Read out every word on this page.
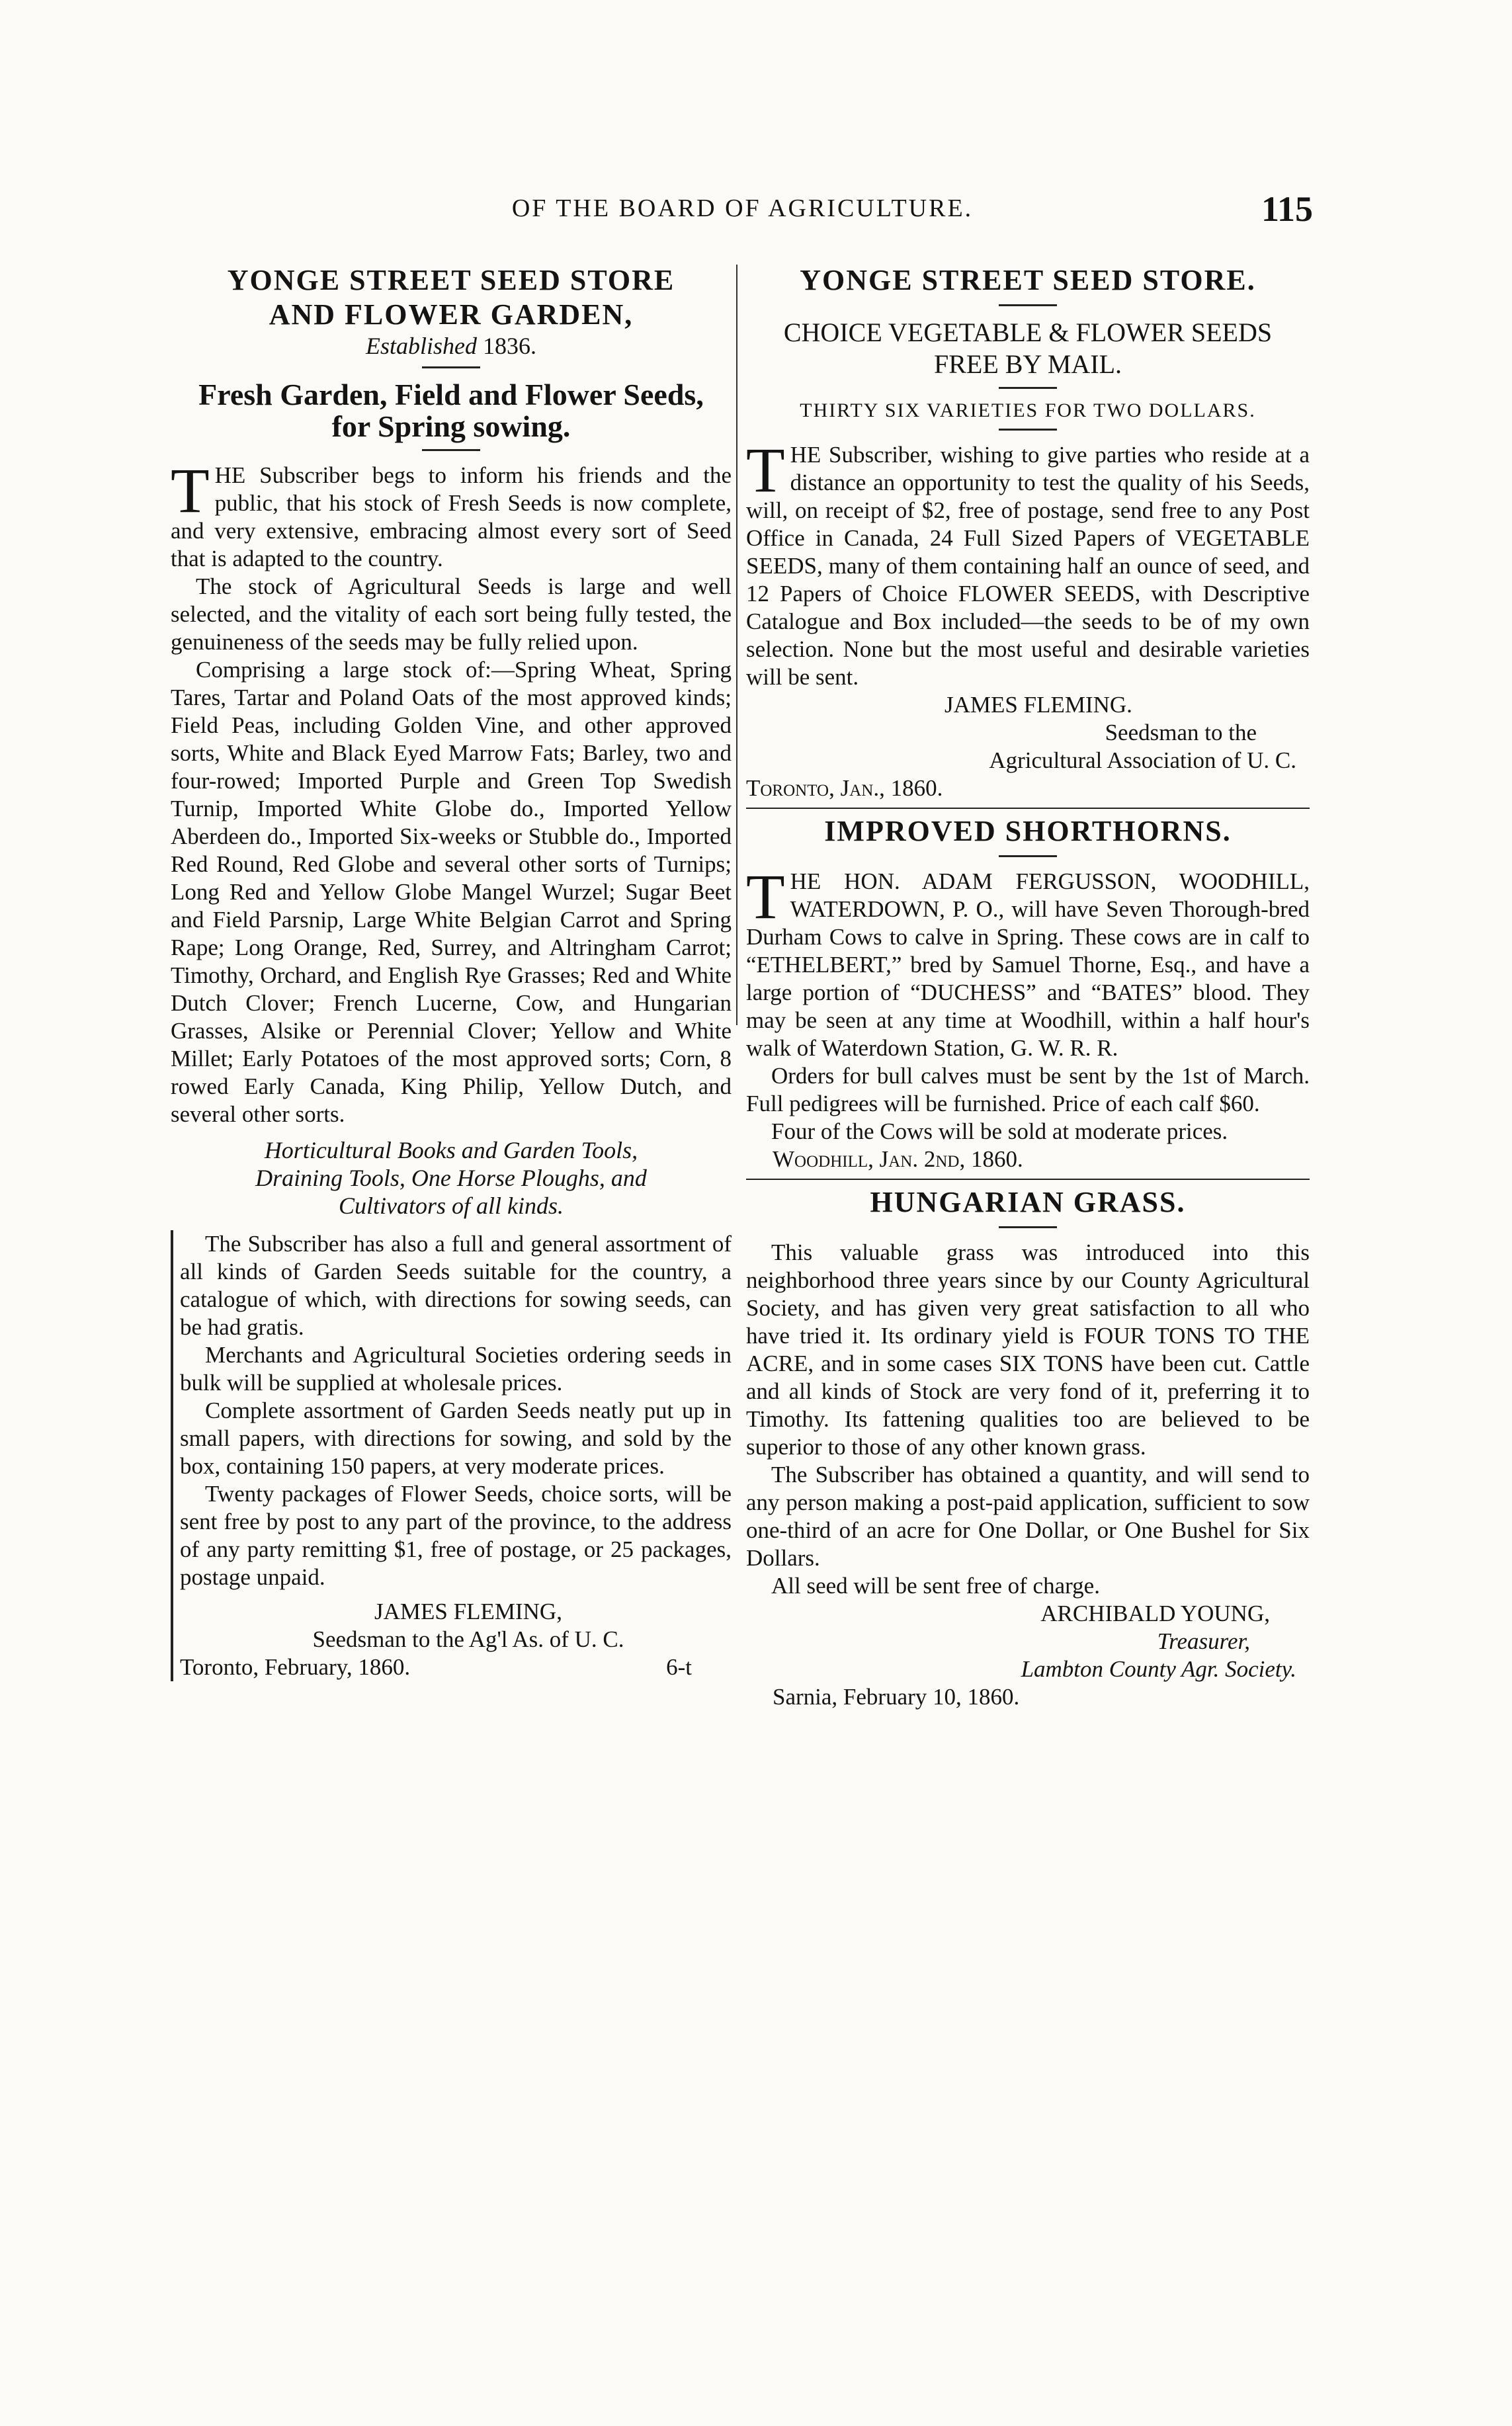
OF THE BOARD OF AGRICULTURE.	115

YONGE STREET SEED STORE

AND FLOWER GARDEN,

Established 1836.

Fresh Garden, Field and Flower Seeds,

for Spring sowing.

THE Subscriber begs to inform his friends and the public, that his stock of Fresh Seeds is now complete, and very extensive, embracing almost every sort of Seed that is adapted to the country.

The stock of Agricultural Seeds is large and well selected, and the vitality of each sort being fully tested, the genuineness of the seeds may be fully relied upon.

Comprising a large stock of:—Spring Wheat, Spring Tares, Tartar and Poland Oats of the most approved kinds; Field Peas, including Golden Vine, and other approved sorts, White and Black Eyed Marrow Fats; Barley, two and four-rowed; Imported Purple and Green Top Swedish Turnip, Imported White Globe do., Imported Yellow Aberdeen do., Imported Six-weeks or Stubble do., Imported Red Round, Red Globe and several other sorts of Turnips; Long Red and Yellow Globe Mangel Wurzel; Sugar Beet and Field Parsnip, Large White Belgian Carrot and Spring Rape; Long Orange, Red, Surrey, and Altringham Carrot; Timothy, Orchard, and English Rye Grasses; Red and White Dutch Clover; French Lucerne, Cow, and Hungarian Grasses, Alsike or Perennial Clover; Yellow and White Millet; Early Potatoes of the most approved sorts; Corn, 8 rowed Early Canada, King Philip, Yellow Dutch, and several other sorts.

Horticultural Books and Garden Tools,
Draining Tools, One Horse Ploughs, and
Cultivators of all kinds.

The Subscriber has also a full and general assortment of all kinds of Garden Seeds suitable for the country, a catalogue of which, with directions for sowing seeds, can be had gratis.

Merchants and Agricultural Societies ordering seeds in bulk will be supplied at wholesale prices.

Complete assortment of Garden Seeds neatly put up in small papers, with directions for sowing, and sold by the box, containing 150 papers, at very moderate prices.

Twenty packages of Flower Seeds, choice sorts, will be sent free by post to any part of the province, to the address of any party remitting $1, free of postage, or 25 packages, postage unpaid.

JAMES FLEMING,

Seedsman to the Ag'l As. of U. C.

Toronto, February, 1860.	6-t

YONGE STREET SEED STORE.

CHOICE VEGETABLE & FLOWER SEEDS

FREE BY MAIL.

THIRTY SIX VARIETIES FOR TWO DOLLARS.

THE Subscriber, wishing to give parties who reside at a distance an opportunity to test the quality of his Seeds, will, on receipt of $2, free of postage, send free to any Post Office in Canada, 24 Full Sized Papers of VEGETABLE SEEDS, many of them containing half an ounce of seed, and 12 Papers of Choice FLOWER SEEDS, with Descriptive Catalogue and Box included—the seeds to be of my own selection. None but the most useful and desirable varieties will be sent.

JAMES FLEMING.

Seedsman to the

Agricultural Association of U. C.

Toronto, Jan., 1860.

IMPROVED SHORTHORNS.

THE HON. ADAM FERGUSSON, WOODHILL, WATERDOWN, P. O., will have Seven Thorough-bred Durham Cows to calve in Spring. These cows are in calf to “ETHELBERT,” bred by Samuel Thorne, Esq., and have a large portion of “DUCHESS” and “BATES” blood. They may be seen at any time at Woodhill, within a half hour's walk of Waterdown Station, G. W. R. R.

Orders for bull calves must be sent by the 1st of March. Full pedigrees will be furnished. Price of each calf $60.

Four of the Cows will be sold at moderate prices.

Woodhill, Jan. 2nd, 1860.

HUNGARIAN GRASS.

This valuable grass was introduced into this neighborhood three years since by our County Agricultural Society, and has given very great satisfaction to all who have tried it. Its ordinary yield is FOUR TONS TO THE ACRE, and in some cases SIX TONS have been cut. Cattle and all kinds of Stock are very fond of it, preferring it to Timothy. Its fattening qualities too are believed to be superior to those of any other known grass.

The Subscriber has obtained a quantity, and will send to any person making a post-paid application, sufficient to sow one-third of an acre for One Dollar, or One Bushel for Six Dollars.

All seed will be sent free of charge.

ARCHIBALD YOUNG,

Treasurer,

Lambton County Agr. Society.

Sarnia, February 10, 1860.
